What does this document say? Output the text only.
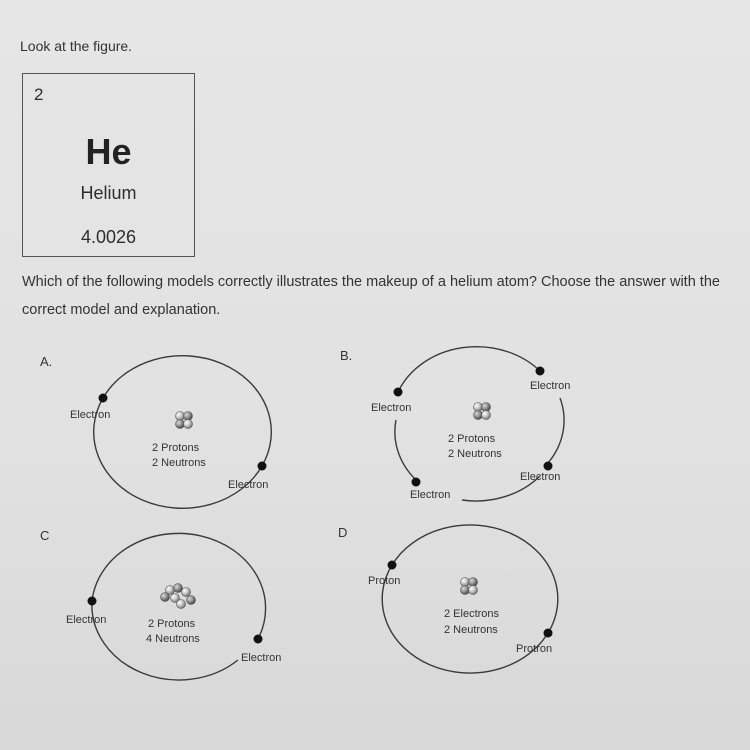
Look at the figure.
2
He
Helium
4.0026
Which of the following models correctly illustrates the makeup of a helium atom? Choose the answer with the correct model and explanation.
A.
Electron
Electron
2 Protons
2 Neutrons
B.
Electron
Electron
Electron
Electron
2 Protons
2 Neutrons
C
Electron
Electron
2 Protons
4 Neutrons
D
Proton
Protron
2 Electrons
2 Neutrons
